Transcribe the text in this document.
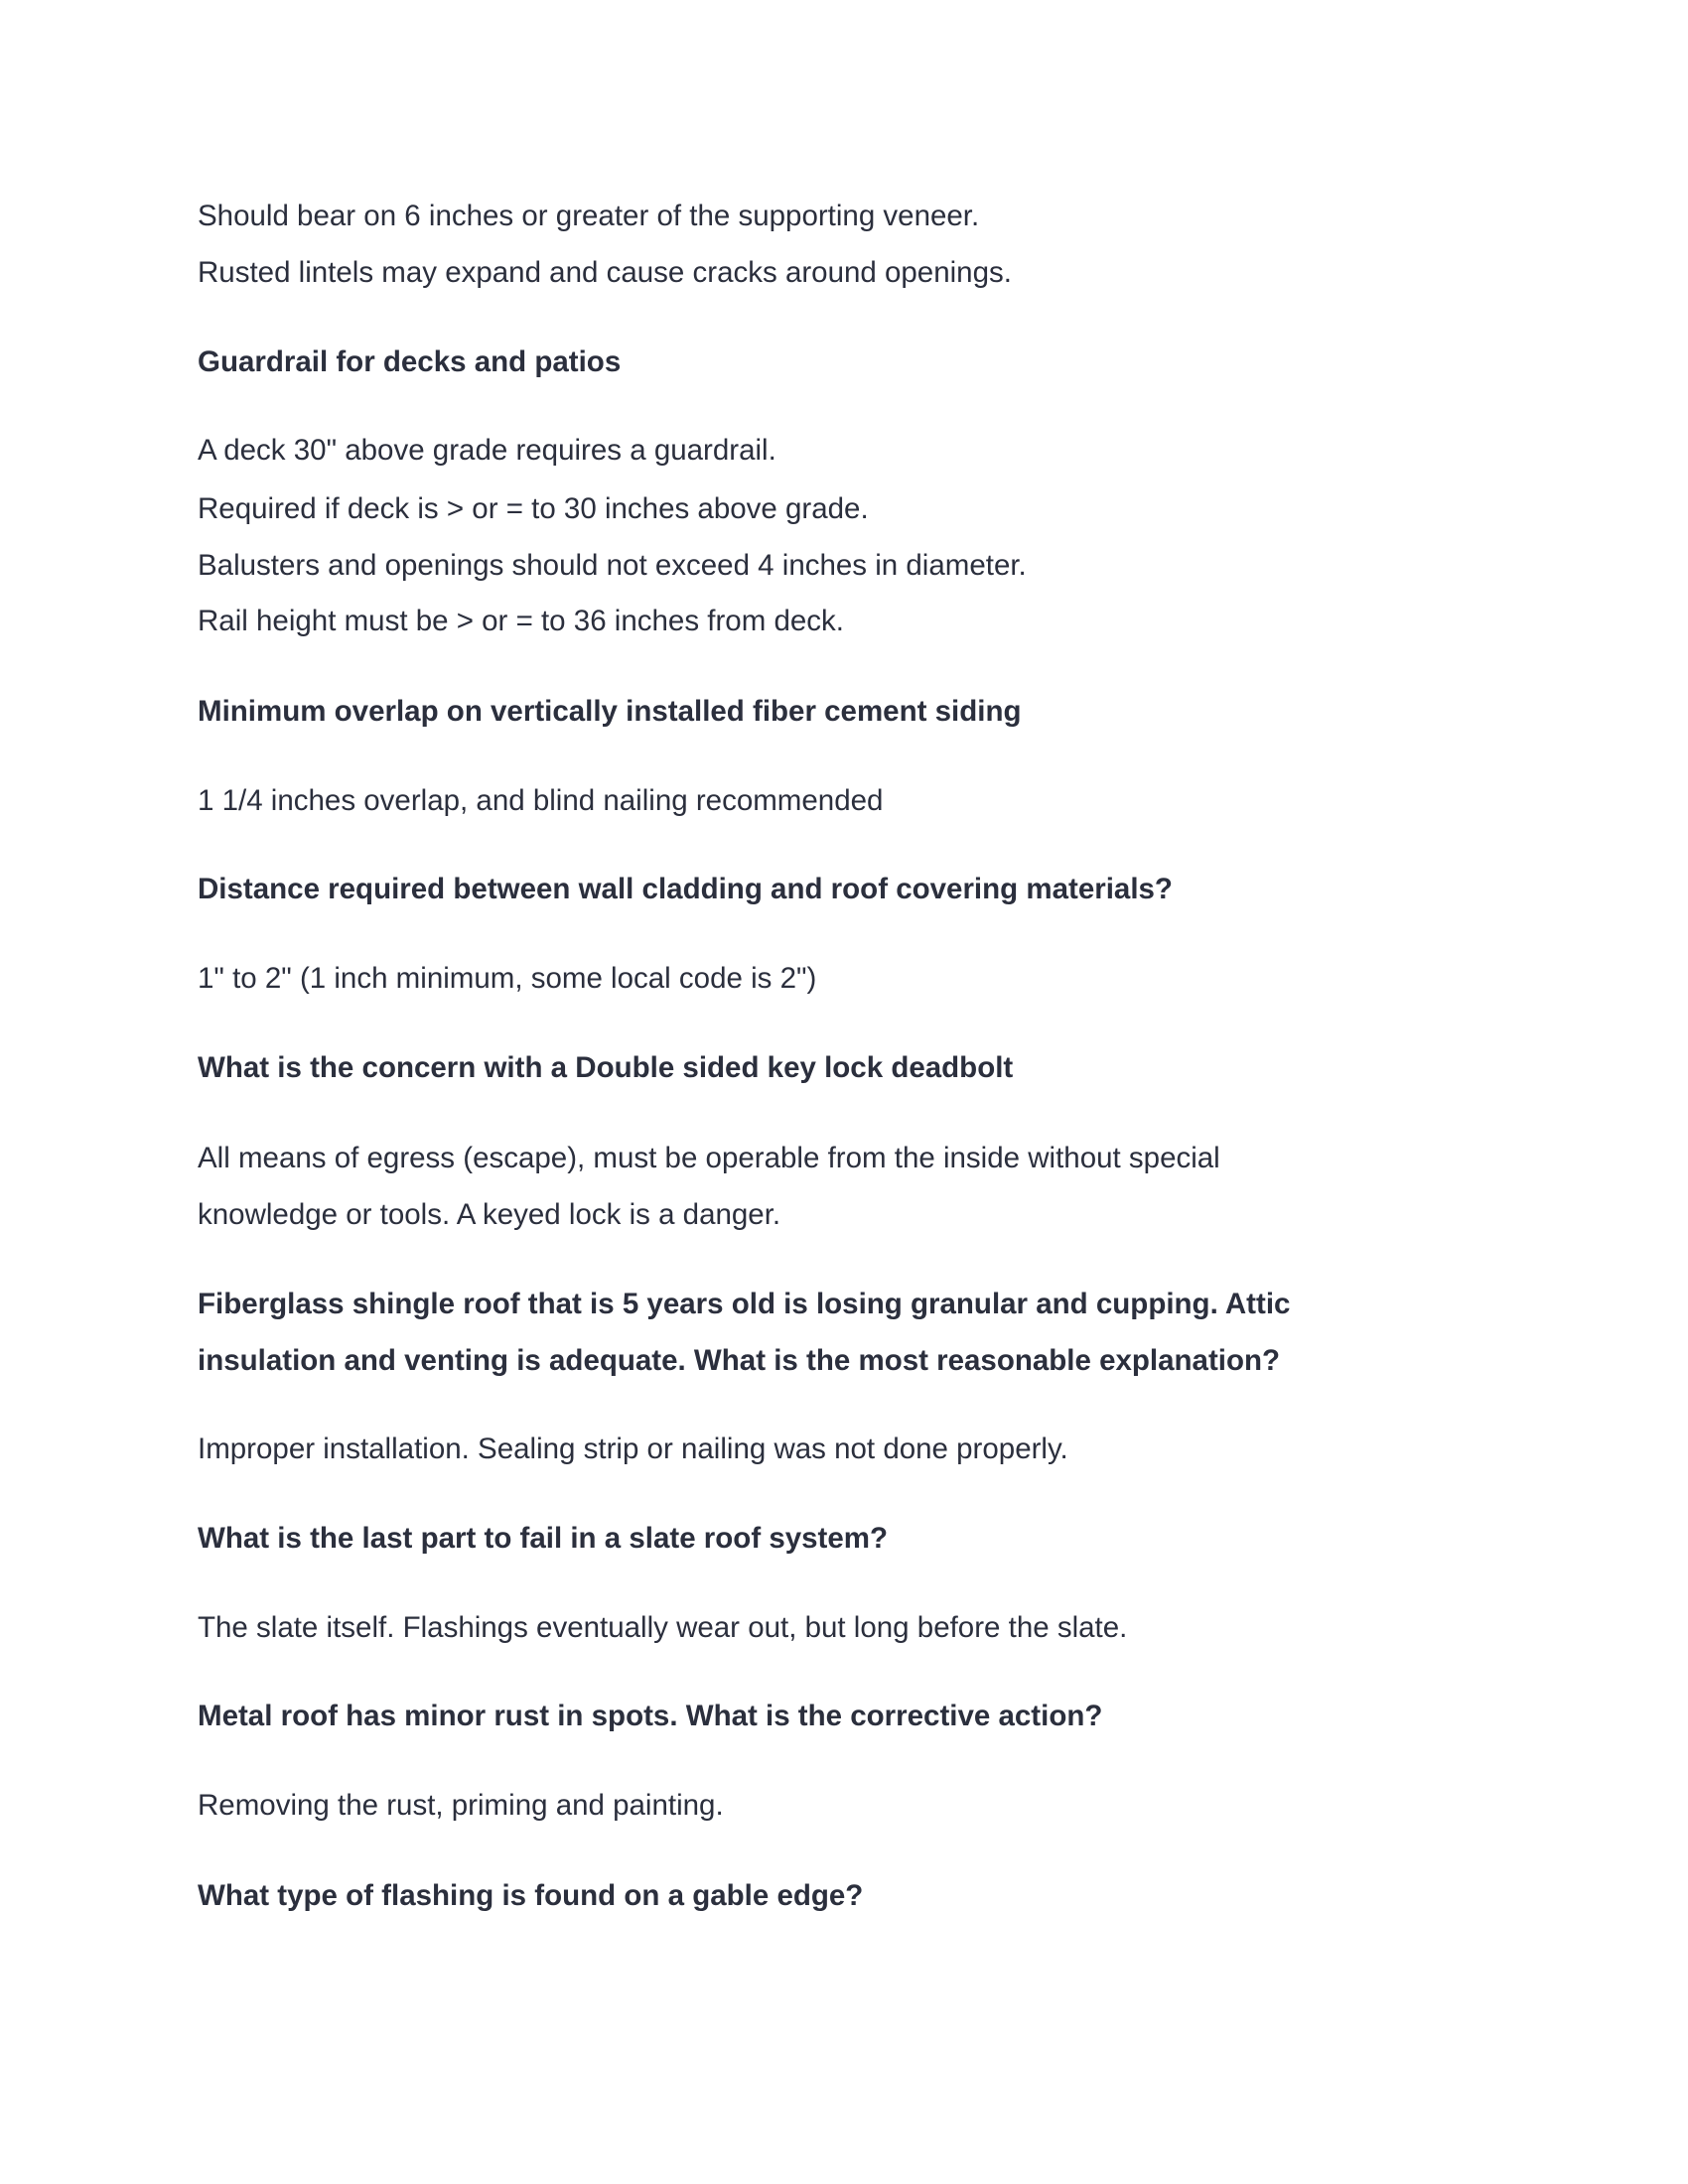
Should bear on 6 inches or greater of the supporting veneer.
Rusted lintels may expand and cause cracks around openings.
Guardrail for decks and patios
A deck 30" above grade requires a guardrail.
Required if deck is > or = to 30 inches above grade.
Balusters and openings should not exceed 4 inches in diameter.
Rail height must be > or = to 36 inches from deck.
Minimum overlap on vertically installed fiber cement siding
1 1/4 inches overlap, and blind nailing recommended
Distance required between wall cladding and roof covering materials?
1" to 2" (1 inch minimum, some local code is 2")
What is the concern with a Double sided key lock deadbolt
All means of egress (escape), must be operable from the inside without special
knowledge or tools. A keyed lock is a danger.
Fiberglass shingle roof that is 5 years old is losing granular and cupping. Attic
insulation and venting is adequate. What is the most reasonable explanation?
Improper installation. Sealing strip or nailing was not done properly.
What is the last part to fail in a slate roof system?
The slate itself. Flashings eventually wear out, but long before the slate.
Metal roof has minor rust in spots. What is the corrective action?
Removing the rust, priming and painting.
What type of flashing is found on a gable edge?
